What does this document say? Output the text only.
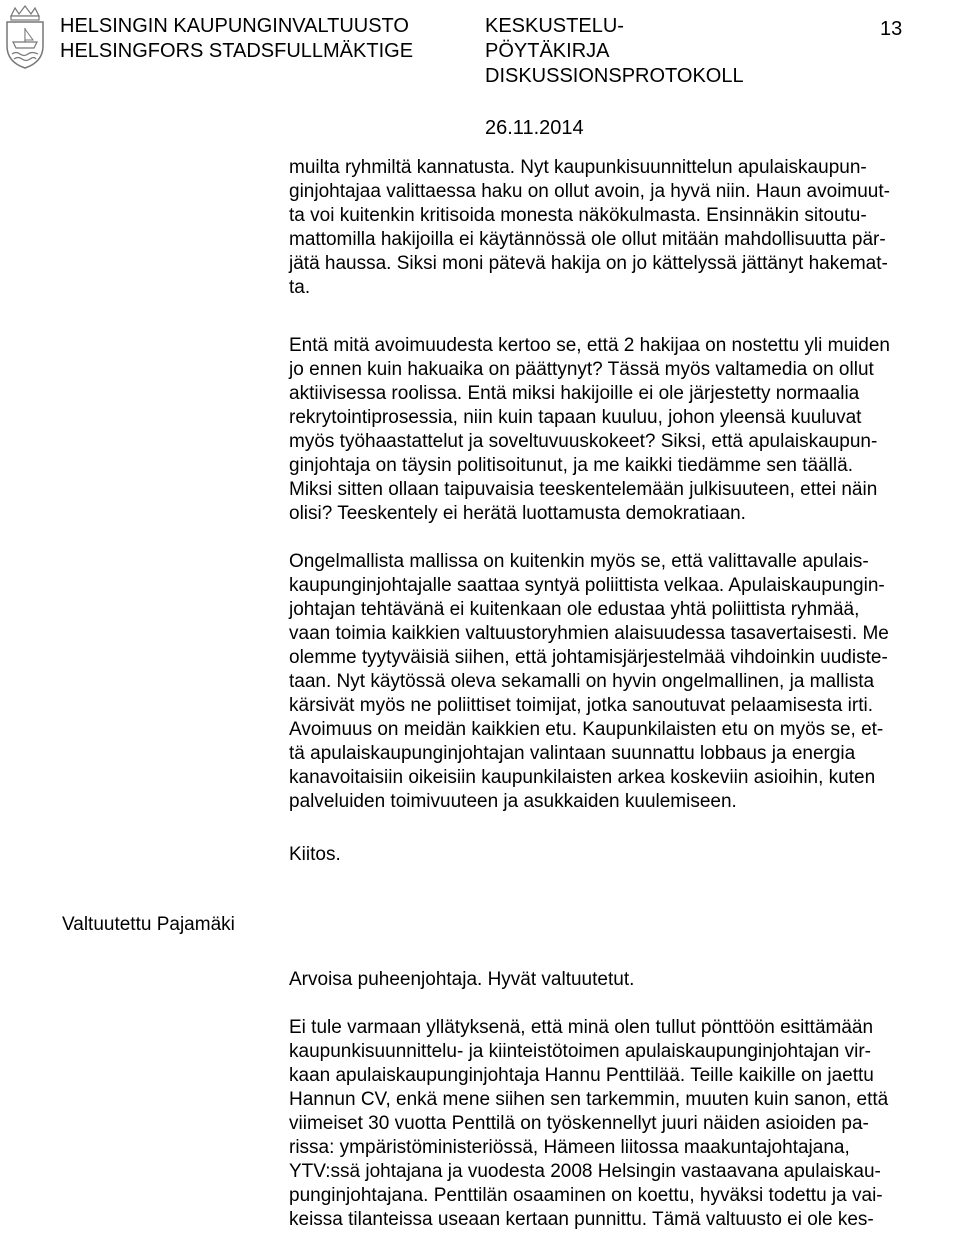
HELSINGIN KAUPUNGINVALTUUSTO
HELSINGFORS STADSFULLMÄKTIGE
KESKUSTELU-
PÖYTÄKIRJA
DISKUSSIONSPROTOKOLL
13
26.11.2014

muilta ryhmiltä kannatusta. Nyt kaupunkisuunnittelun apulaiskaupun-
ginjohtajaa valittaessa haku on ollut avoin, ja hyvä niin. Haun avoimuut-
ta voi kuitenkin kritisoida monesta näkökulmasta. Ensinnäkin sitoutu-
mattomilla hakijoilla ei käytännössä ole ollut mitään mahdollisuutta pär-
jätä haussa. Siksi moni pätevä hakija on jo kättelyssä jättänyt hakemat-
ta.

Entä mitä avoimuudesta kertoo se, että 2 hakijaa on nostettu yli muiden
jo ennen kuin hakuaika on päättynyt? Tässä myös valtamedia on ollut
aktiivisessa roolissa. Entä miksi hakijoille ei ole järjestetty normaalia
rekrytointiprosessia, niin kuin tapaan kuuluu, johon yleensä kuuluvat
myös työhaastattelut ja soveltuvuuskokeet? Siksi, että apulaiskaupun-
ginjohtaja on täysin politisoitunut, ja me kaikki tiedämme sen täällä.
Miksi sitten ollaan taipuvaisia teeskentelemään julkisuuteen, ettei näin
olisi? Teeskentely ei herätä luottamusta demokratiaan.

Ongelmallista mallissa on kuitenkin myös se, että valittavalle apulais-
kaupunginjohtajalle saattaa syntyä poliittista velkaa. Apulaiskaupungin-
johtajan tehtävänä ei kuitenkaan ole edustaa yhtä poliittista ryhmää,
vaan toimia kaikkien valtuustoryhmien alaisuudessa tasavertaisesti. Me
olemme tyytyväisiä siihen, että johtamisjärjestelmää vihdoinkin uudiste-
taan. Nyt käytössä oleva sekamalli on hyvin ongelmallinen, ja mallista
kärsivät myös ne poliittiset toimijat, jotka sanoutuvat pelaamisesta irti.
Avoimuus on meidän kaikkien etu. Kaupunkilaisten etu on myös se, et-
tä apulaiskaupunginjohtajan valintaan suunnattu lobbaus ja energia
kanavoitaisiin oikeisiin kaupunkilaisten arkea koskeviin asioihin, kuten
palveluiden toimivuuteen ja asukkaiden kuulemiseen.

Kiitos.

Valtuutettu Pajamäki

Arvoisa puheenjohtaja. Hyvät valtuutetut.

Ei tule varmaan yllätyksenä, että minä olen tullut pönttöön esittämään
kaupunkisuunnittelu- ja kiinteistötoimen apulaiskaupunginjohtajan vir-
kaan apulaiskaupunginjohtaja Hannu Penttilää. Teille kaikille on jaettu
Hannun CV, enkä mene siihen sen tarkemmin, muuten kuin sanon, että
viimeiset 30 vuotta Penttilä on työskennellyt juuri näiden asioiden pa-
rissa: ympäristöministeriössä, Hämeen liitossa maakuntajohtajana,
YTV:ssä johtajana ja vuodesta 2008 Helsingin vastaavana apulaiskau-
punginjohtajana. Penttilän osaaminen on koettu, hyväksi todettu ja vai-
keissa tilanteissa useaan kertaan punnittu. Tämä valtuusto ei ole kes-
